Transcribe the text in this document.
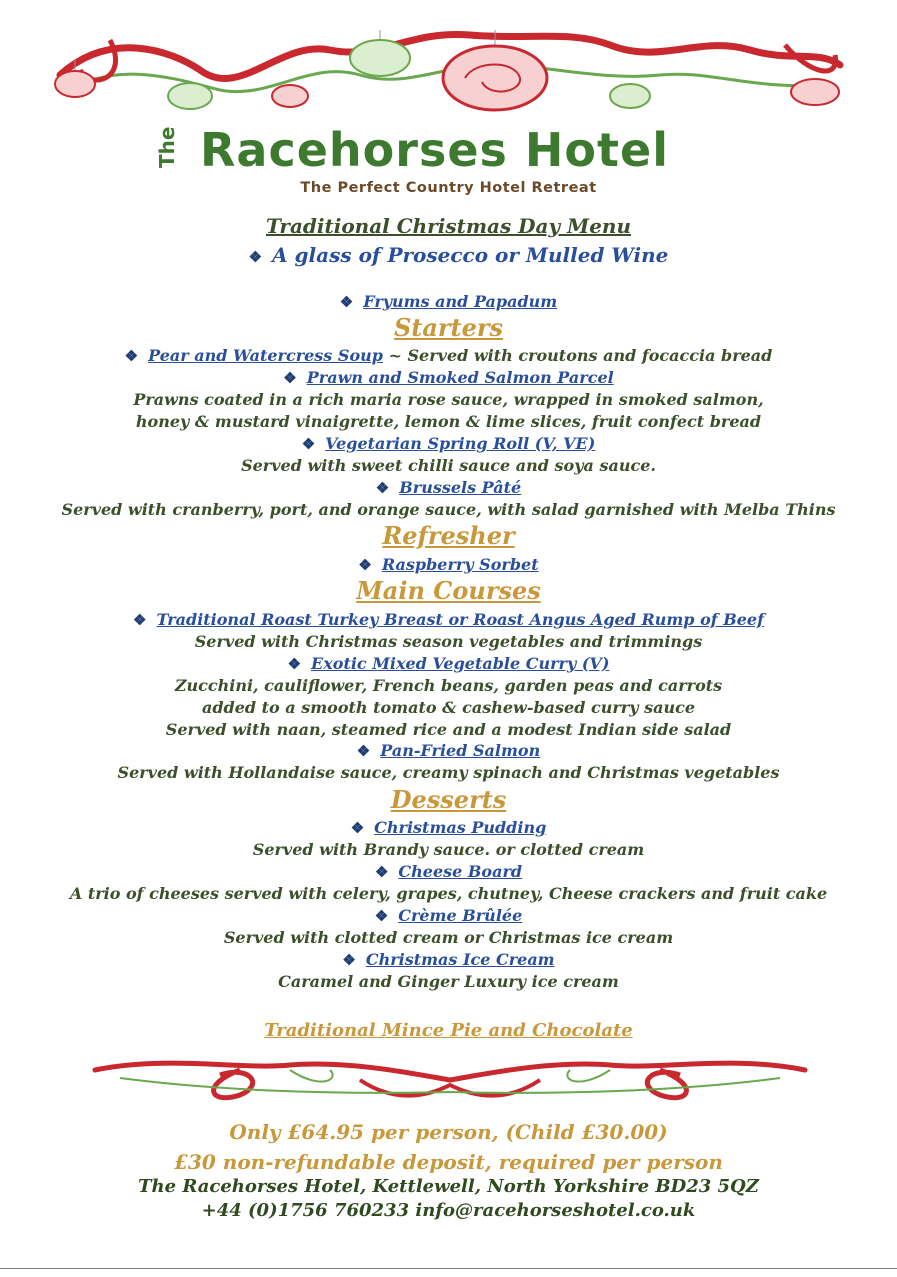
The Racehorses Hotel
The Perfect Country Hotel Retreat
Traditional Christmas Day Menu
❖ A glass of Prosecco or Mulled Wine
❖ Fryums and Papadum
Starters
❖ Pear and Watercress Soup ~ Served with croutons and focaccia bread
❖ Prawn and Smoked Salmon Parcel
Prawns coated in a rich maria rose sauce, wrapped in smoked salmon,
honey & mustard vinaigrette, lemon & lime slices, fruit confect bread
❖ Vegetarian Spring Roll (V, VE)
Served with sweet chilli sauce and soya sauce.
❖ Brussels Pâté
Served with cranberry, port, and orange sauce, with salad garnished with Melba Thins
Refresher
❖ Raspberry Sorbet
Main Courses
❖ Traditional Roast Turkey Breast or Roast Angus Aged Rump of Beef
Served with Christmas season vegetables and trimmings
❖ Exotic Mixed Vegetable Curry (V)
Zucchini, cauliflower, French beans, garden peas and carrots
added to a smooth tomato & cashew-based curry sauce
Served with naan, steamed rice and a modest Indian side salad
❖ Pan-Fried Salmon
Served with Hollandaise sauce, creamy spinach and Christmas vegetables
Desserts
❖ Christmas Pudding
Served with Brandy sauce. or clotted cream
❖ Cheese Board
A trio of cheeses served with celery, grapes, chutney, Cheese crackers and fruit cake
❖ Crème Brûlée
Served with clotted cream or Christmas ice cream
❖ Christmas Ice Cream
Caramel and Ginger Luxury ice cream
Traditional Mince Pie and Chocolate
Only £64.95 per person, (Child £30.00)
£30 non-refundable deposit, required per person
The Racehorses Hotel, Kettlewell, North Yorkshire BD23 5QZ
+44 (0)1756 760233 info@racehorseshotel.co.uk
